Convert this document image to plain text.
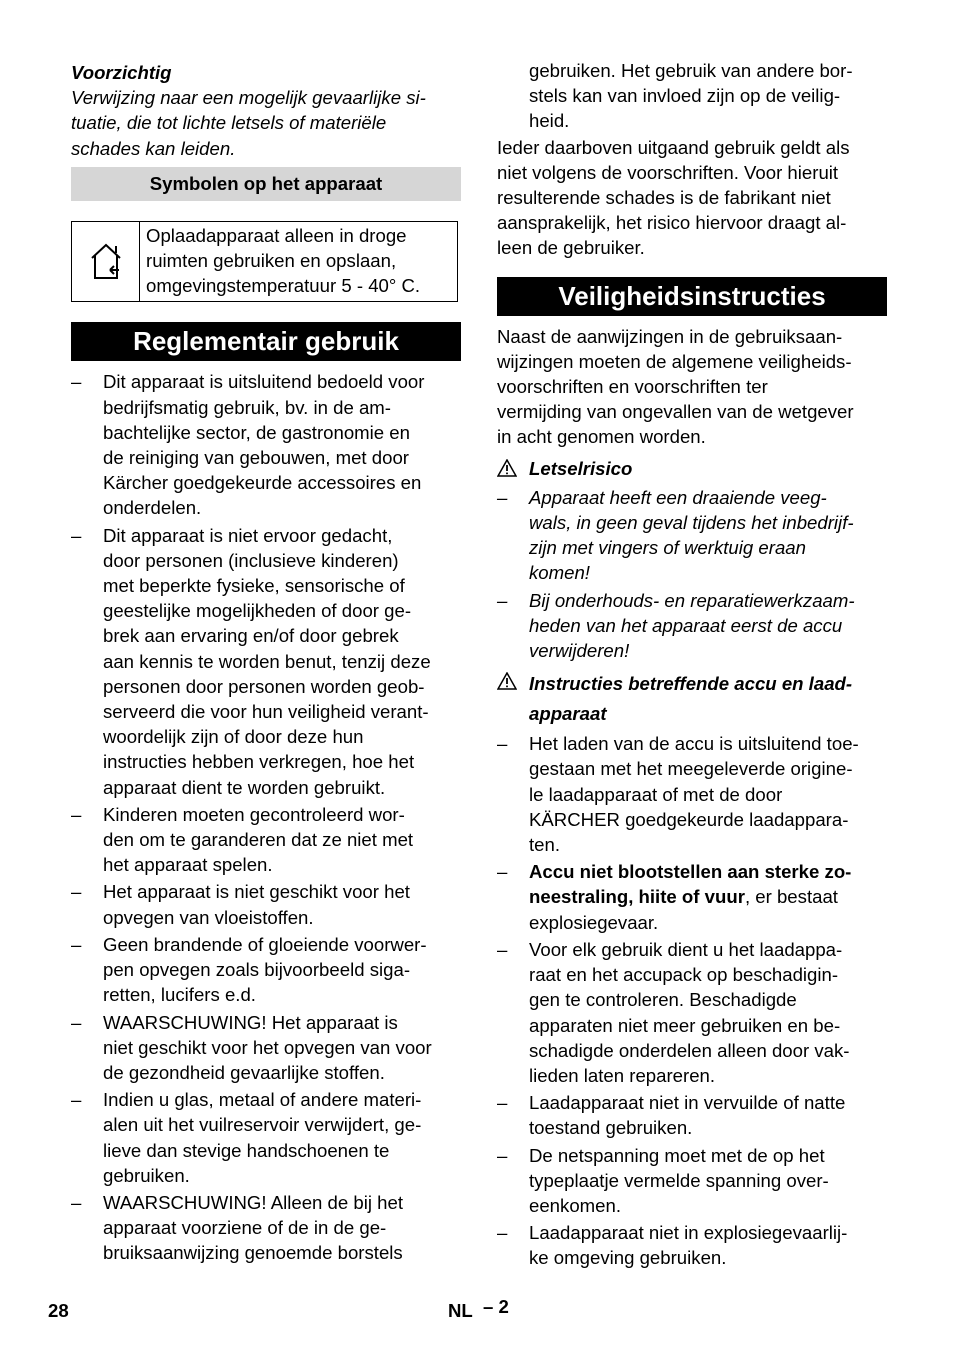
Voorzichtig

Verwijzing naar een mogelijk gevaarlijke si-
tuatie, die tot lichte letsels of materiële
schades kan leiden.
Symbolen op het apparaat
Oplaadapparaat alleen in droge
ruimten gebruiken en opslaan,
omgevingstemperatuur 5 - 40° C.
Reglementair gebruik
– Dit apparaat is uitsluitend bedoeld voor
bedrijfsmatig gebruik, bv. in de am-
bachtelijke sector, de gastronomie en
de reiniging van gebouwen, met door
Kärcher goedgekeurde accessoires en
onderdelen.
– Dit apparaat is niet ervoor gedacht,
door personen (inclusieve kinderen)
met beperkte fysieke, sensorische of
geestelijke mogelijkheden of door ge-
brek aan ervaring en/of door gebrek
aan kennis te worden benut, tenzij deze
personen door personen worden geob-
serveerd die voor hun veiligheid verant-
woordelijk zijn of door deze hun
instructies hebben verkregen, hoe het
apparaat dient te worden gebruikt.
– Kinderen moeten gecontroleerd wor-
den om te garanderen dat ze niet met
het apparaat spelen.
– Het apparaat is niet geschikt voor het
opvegen van vloeistoffen.
– Geen brandende of gloeiende voorwer-
pen opvegen zoals bijvoorbeeld siga-
retten, lucifers e.d.
– WAARSCHUWING! Het apparaat is
niet geschikt voor het opvegen van voor
de gezondheid gevaarlijke stoffen.
– Indien u glas, metaal of andere materi-
alen uit het vuilreservoir verwijdert, ge-
lieve dan stevige handschoenen te
gebruiken.
– WAARSCHUWING! Alleen de bij het
apparaat voorziene of de in de ge-
bruiksaanwijzing genoemde borstels
gebruiken. Het gebruik van andere bor-
stels kan van invloed zijn op de veilig-
heid.
Ieder daarboven uitgaand gebruik geldt als
niet volgens de voorschriften. Voor hieruit
resulterende schades is de fabrikant niet
aansprakelijk, het risico hiervoor draagt al-
leen de gebruiker.
Veiligheidsinstructies
Naast de aanwijzingen in de gebruiksaan-
wijzingen moeten de algemene veiligheids-
voorschriften en voorschriften ter
vermijding van ongevallen van de wetgever
in acht genomen worden.
Letselrisico
– Apparaat heeft een draaiende veeg-
wals, in geen geval tijdens het inbedrijf-
zijn met vingers of werktuig eraan
komen!
– Bij onderhouds- en reparatiewerkzaam-
heden van het apparaat eerst de accu
verwijderen!
Instructies betreffende accu en laad-
apparaat
– Het laden van de accu is uitsluitend toe-
gestaan met het meegeleverde origine-
le laadapparaat of met de door
KÄRCHER goedgekeurde laadappara-
ten.
– Accu niet blootstellen aan sterke zo-
neestraling, hiite of vuur, er bestaat
explosiegevaar.
– Voor elk gebruik dient u het laadappa-
raat en het accupack op beschadigin-
gen te controleren. Beschadigde
apparaten niet meer gebruiken en be-
schadigde onderdelen alleen door vak-
lieden laten repareren.
– Laadapparaat niet in vervuilde of natte
toestand gebruiken.
– De netspanning moet met de op het
typeplaatje vermelde spanning over-
eenkomen.
– Laadapparaat niet in explosiegevaarlij-
ke omgeving gebruiken.
28	NL – 2
